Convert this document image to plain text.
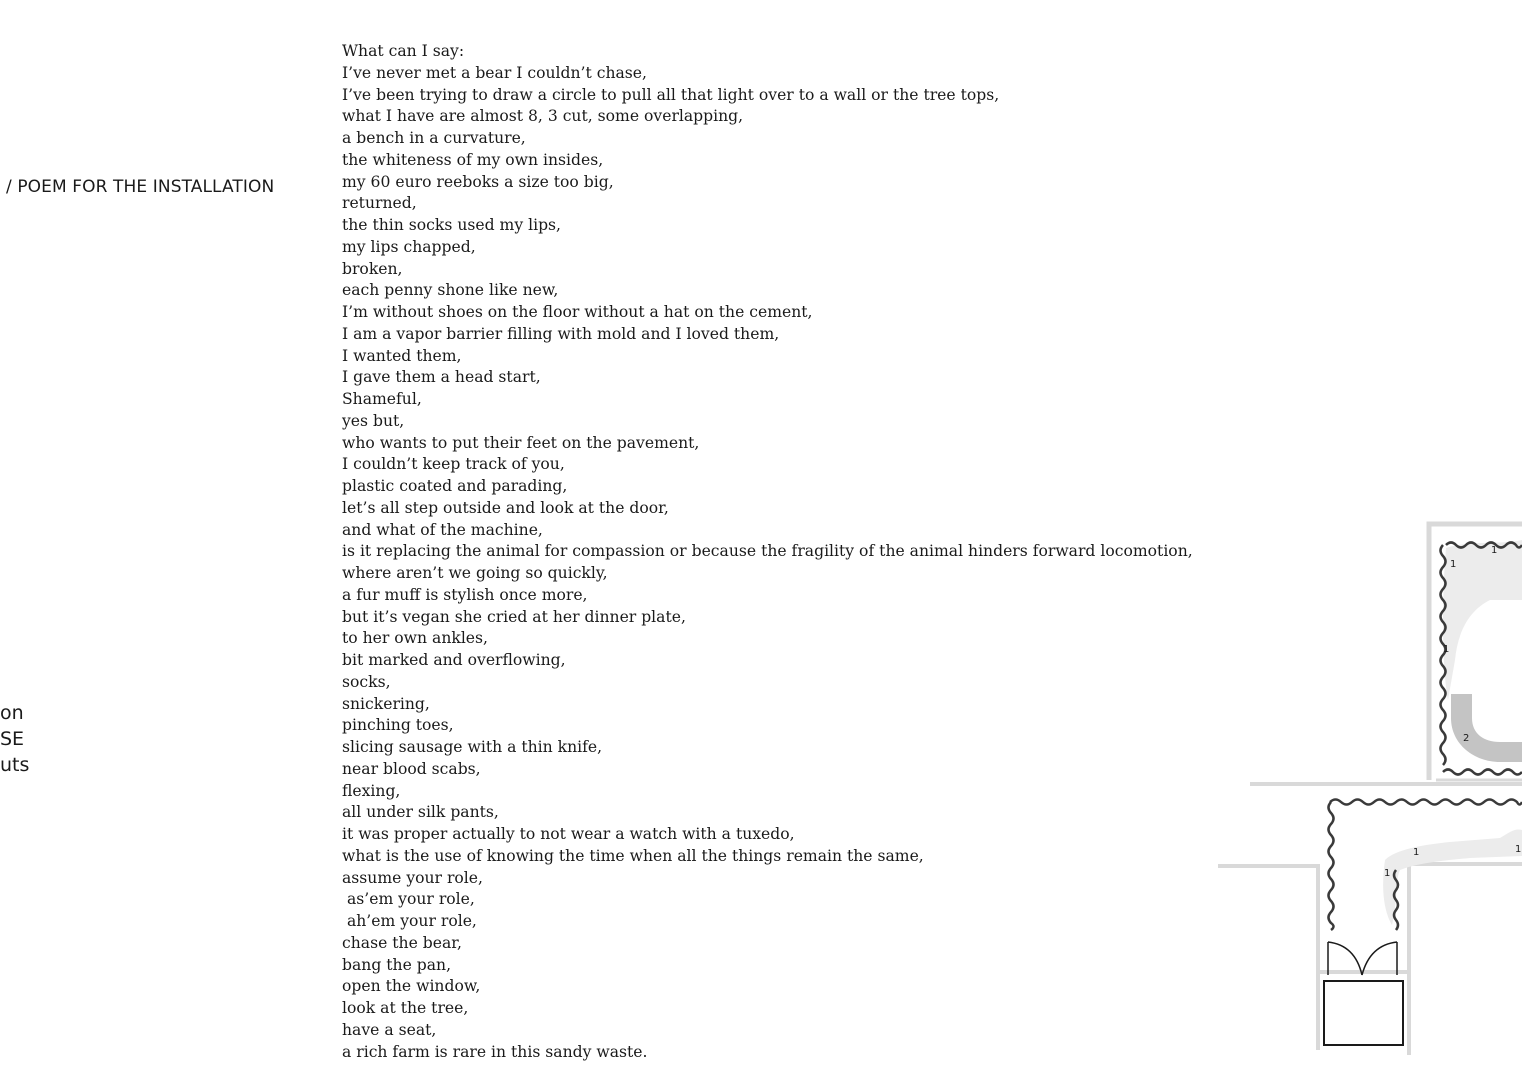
/ POEM FOR THE INSTALLATION
on
SE
uts
What can I say:
I’ve never met a bear I couldn’t chase,
I’ve been trying to draw a circle to pull all that light over to a wall or the tree tops,
what I have are almost 8, 3 cut, some overlapping,
a bench in a curvature,
the whiteness of my own insides,
my 60 euro reeboks a size too big,
returned,
the thin socks used my lips,
my lips chapped,
broken,
each penny shone like new,
I’m without shoes on the floor without a hat on the cement,
I am a vapor barrier filling with mold and I loved them,
I wanted them,
I gave them a head start,
Shameful,
yes but,
who wants to put their feet on the pavement,
I couldn’t keep track of you,
plastic coated and parading,
let’s all step outside and look at the door,
and what of the machine,
is it replacing the animal for compassion or because the fragility of the animal hinders forward locomotion,
where aren’t we going so quickly,
a fur muff is stylish once more,
but it’s vegan she cried at her dinner plate,
to her own ankles,
bit marked and overflowing,
socks,
snickering,
pinching toes,
slicing sausage with a thin knife,
near blood scabs,
flexing,
all under silk pants,
it was proper actually to not wear a watch with a tuxedo,
what is the use of knowing the time when all the things remain the same,
assume your role,
as’em your role,
ah’em your role,
chase the bear,
bang the pan,
open the window,
look at the tree,
have a seat,
a rich farm is rare in this sandy waste.
1
1
1
2
1
1
1
